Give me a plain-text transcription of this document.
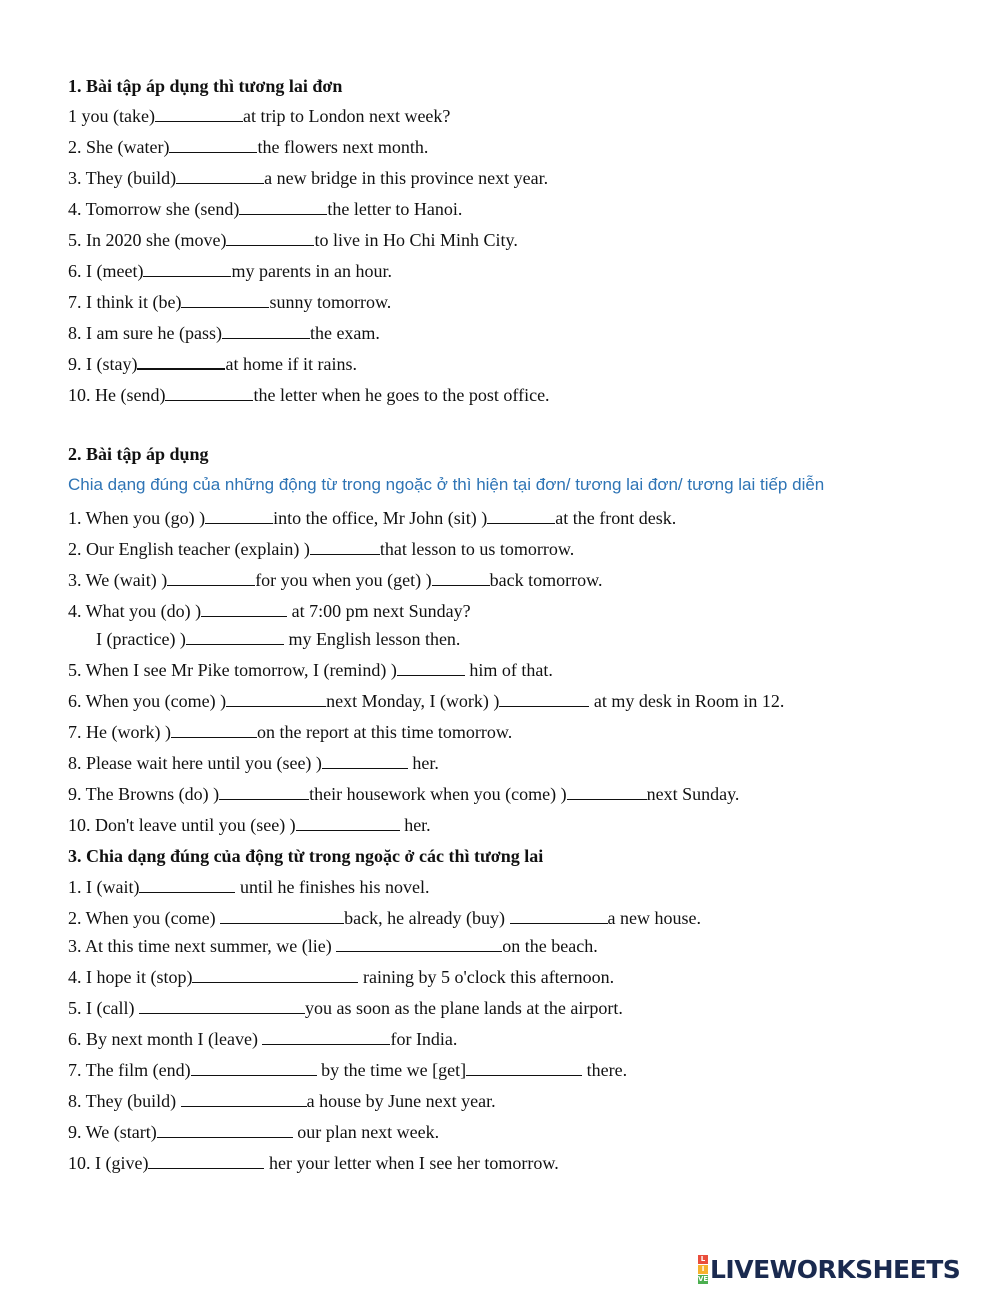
1. Bài tập áp dụng thì tương lai đơn
1 you (take)	at trip to London next week?
2. She (water)	the flowers next month.
3. They (build)	a new bridge in this province next year.
4. Tomorrow she (send)	the letter to Hanoi.
5. In 2020 she (move)	to live in Ho Chi Minh City.
6. I (meet)	my parents in an hour.
7. I think it (be)	sunny tomorrow.
8. I am sure he (pass)	the exam.
9. I (stay)	at home if it rains.
10. He (send)	the letter when he goes to the post office.
2. Bài tập áp dụng
Chia dạng đúng của những động từ trong ngoặc ở thì hiện tại đơn/ tương lai đơn/ tương lai tiếp diễn
1. When you (go) )	into the office, Mr John (sit) )	at the front desk.
2. Our English teacher (explain) )	that lesson to us tomorrow.
3. We (wait) )	for you when you (get) )	back tomorrow.
4. What you (do) )	at 7:00 pm next Sunday?
I (practice) )	my English lesson then.
5. When I see Mr Pike tomorrow, I (remind) )	him of that.
6. When you (come) )	next Monday, I (work) )	at my desk in Room in 12.
7. He (work) )	on the report at this time tomorrow.
8. Please wait here until you (see) )	her.
9. The Browns (do) )	their housework when you (come) )	next Sunday.
10. Don't leave until you (see) )	her.
3. Chia dạng đúng của động từ trong ngoặc ở các thì tương lai
1. I (wait)	until he finishes his novel.
2. When you (come)	back, he already (buy)	a new house.
3. At this time next summer, we (lie)	on the beach.
4. I hope it (stop)	raining by 5 o'clock this afternoon.
5. I (call)	you as soon as the plane lands at the airport.
6. By next month I (leave)	for India.
7. The film (end)	by the time we [get]	there.
8. They (build)	a house by June next year.
9. We (start)	our plan next week.
10. I (give)	her your letter when I see her tomorrow.
L
I
VE LIVEWORKSHEETS
